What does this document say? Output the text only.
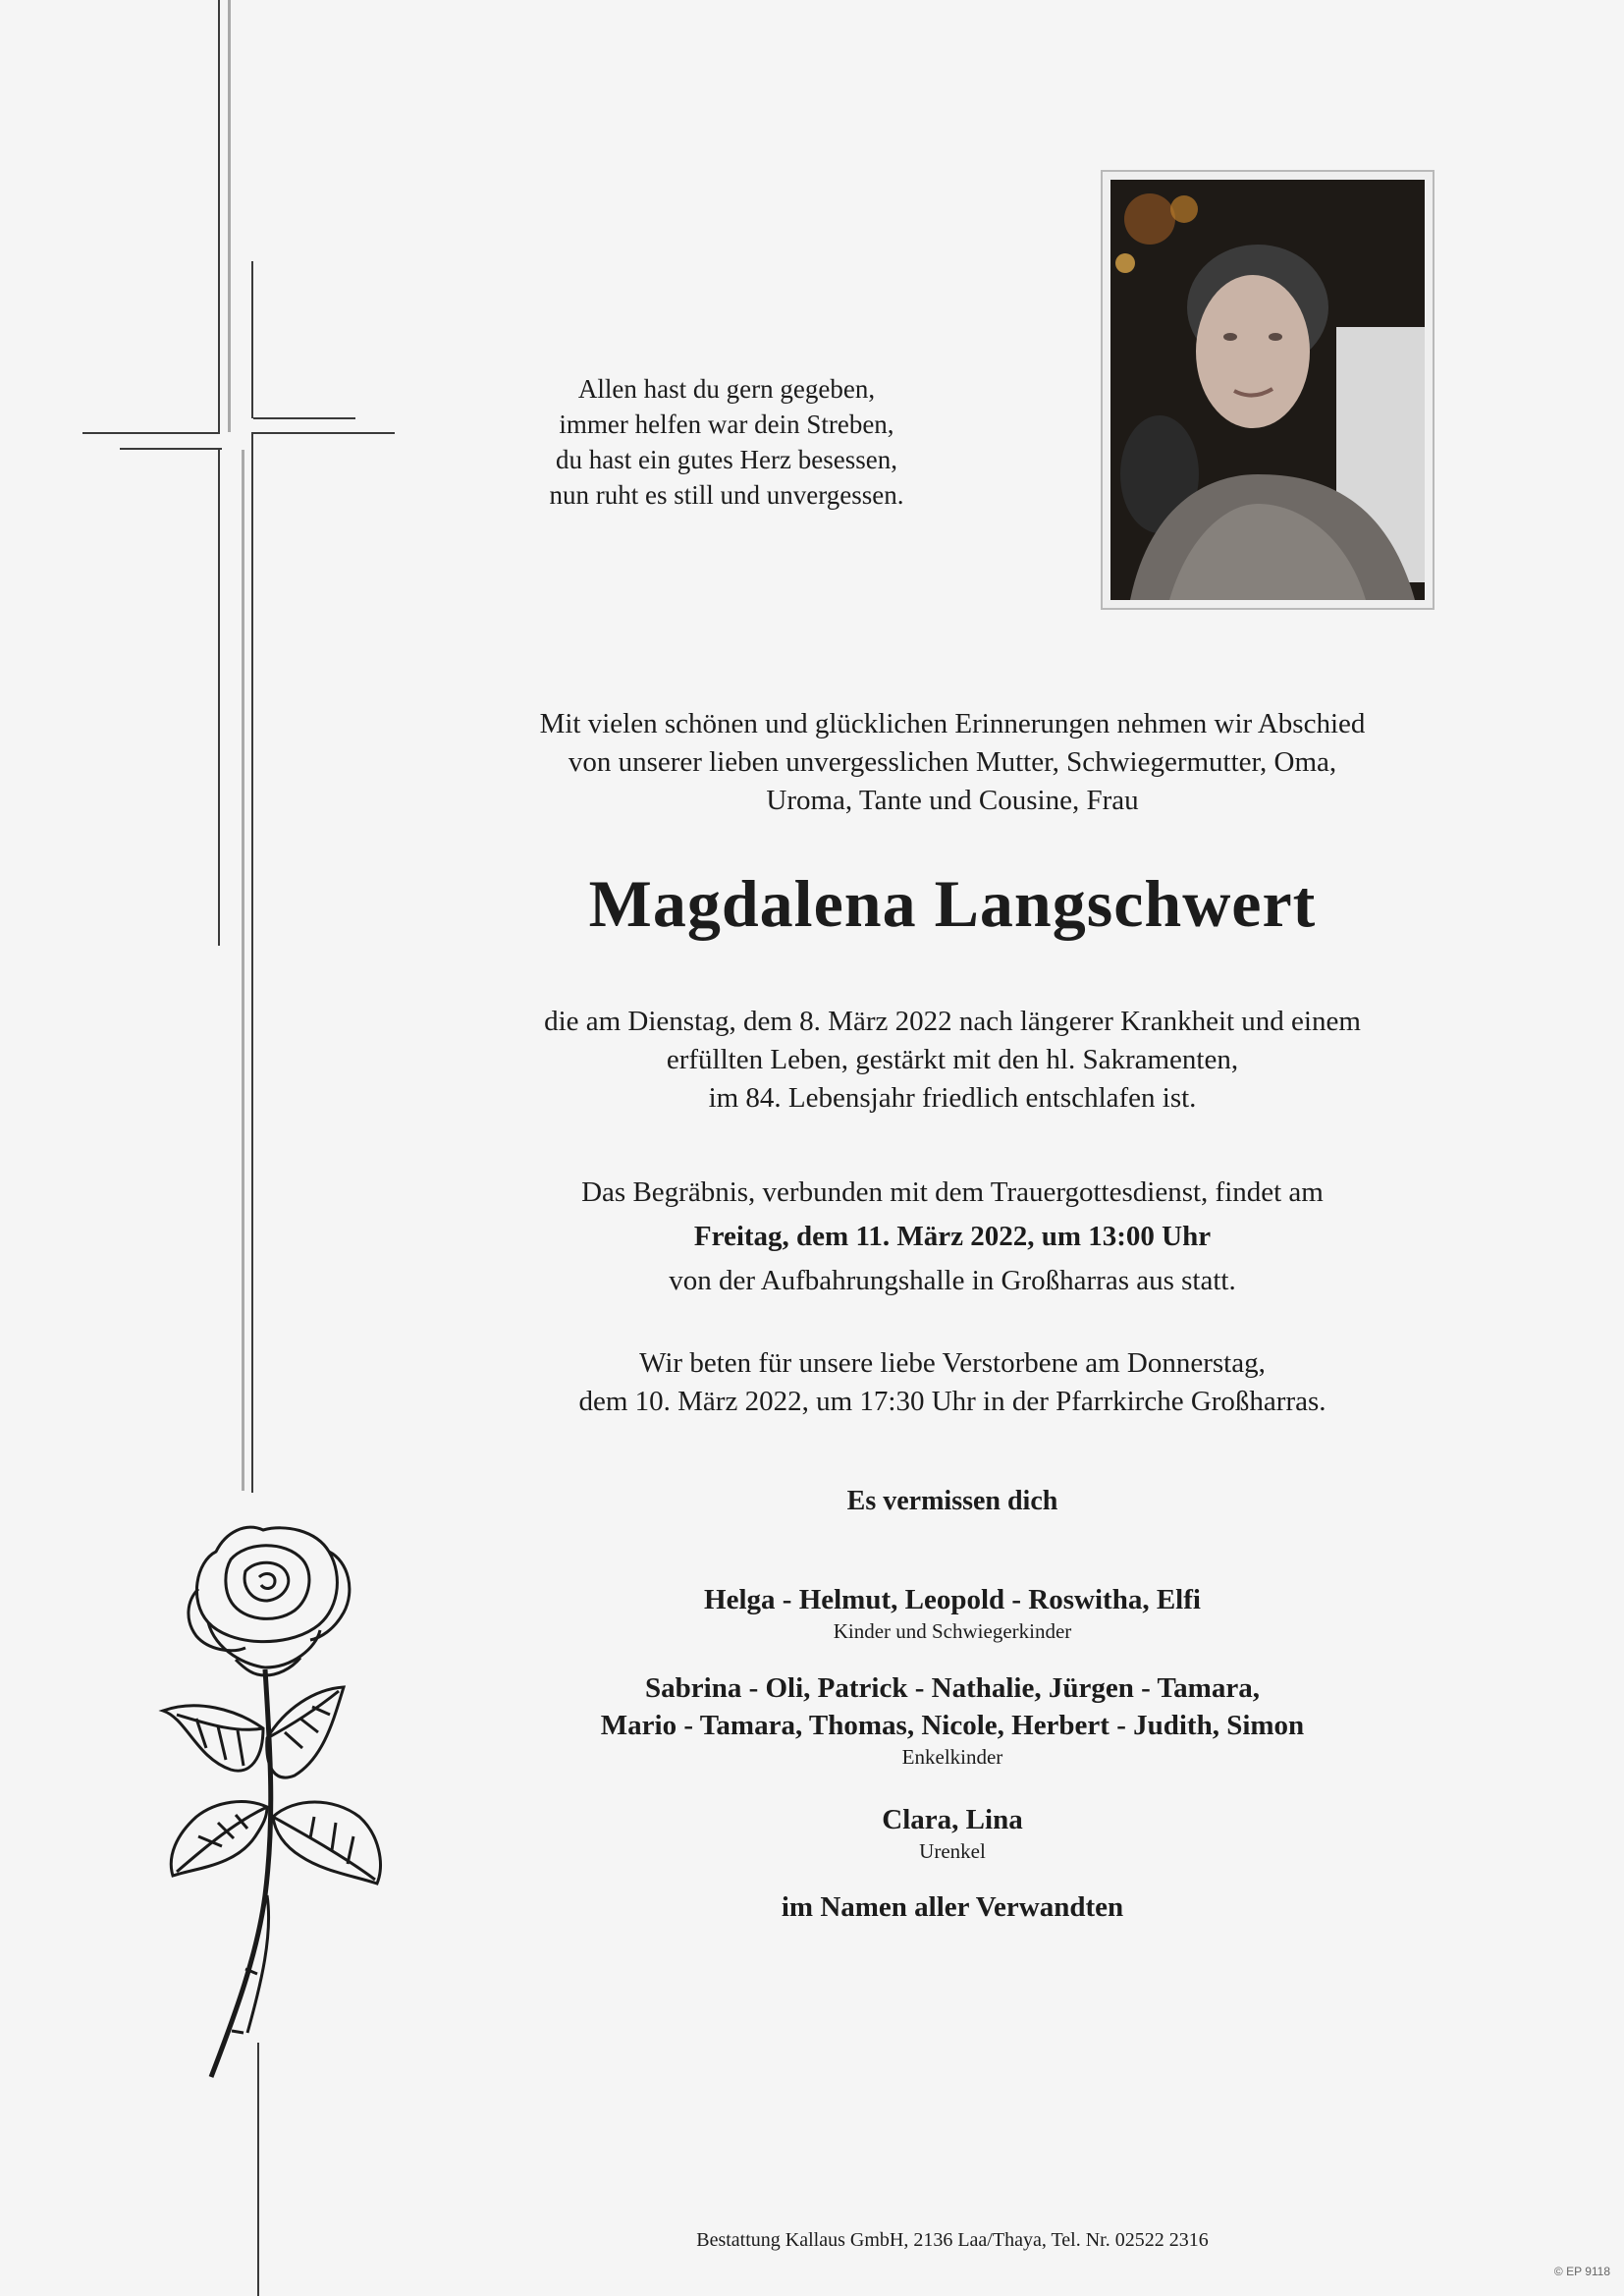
Allen hast du gern gegeben,
immer helfen war dein Streben,
du hast ein gutes Herz besessen,
nun ruht es still und unvergessen.
Mit vielen schönen und glücklichen Erinnerungen nehmen wir Abschied
von unserer lieben unvergesslichen Mutter, Schwiegermutter, Oma,
Uroma, Tante und Cousine, Frau
Magdalena Langschwert
die am Dienstag, dem 8. März 2022 nach längerer Krankheit und einem
erfüllten Leben, gestärkt mit den hl. Sakramenten,
im 84. Lebensjahr friedlich entschlafen ist.
Das Begräbnis, verbunden mit dem Trauergottesdienst, findet am
Freitag, dem 11. März 2022, um 13:00 Uhr
von der Aufbahrungshalle in Großharras aus statt.
Wir beten für unsere liebe Verstorbene am Donnerstag,
dem 10. März 2022, um 17:30 Uhr in der Pfarrkirche Großharras.
Es vermissen dich
Helga - Helmut, Leopold - Roswitha, Elfi
Kinder und Schwiegerkinder
Sabrina - Oli, Patrick - Nathalie, Jürgen - Tamara,
Mario - Tamara, Thomas, Nicole, Herbert - Judith, Simon
Enkelkinder
Clara, Lina
Urenkel
im Namen aller Verwandten
Bestattung Kallaus GmbH, 2136 Laa/Thaya, Tel. Nr. 02522 2316
© EP 9118
